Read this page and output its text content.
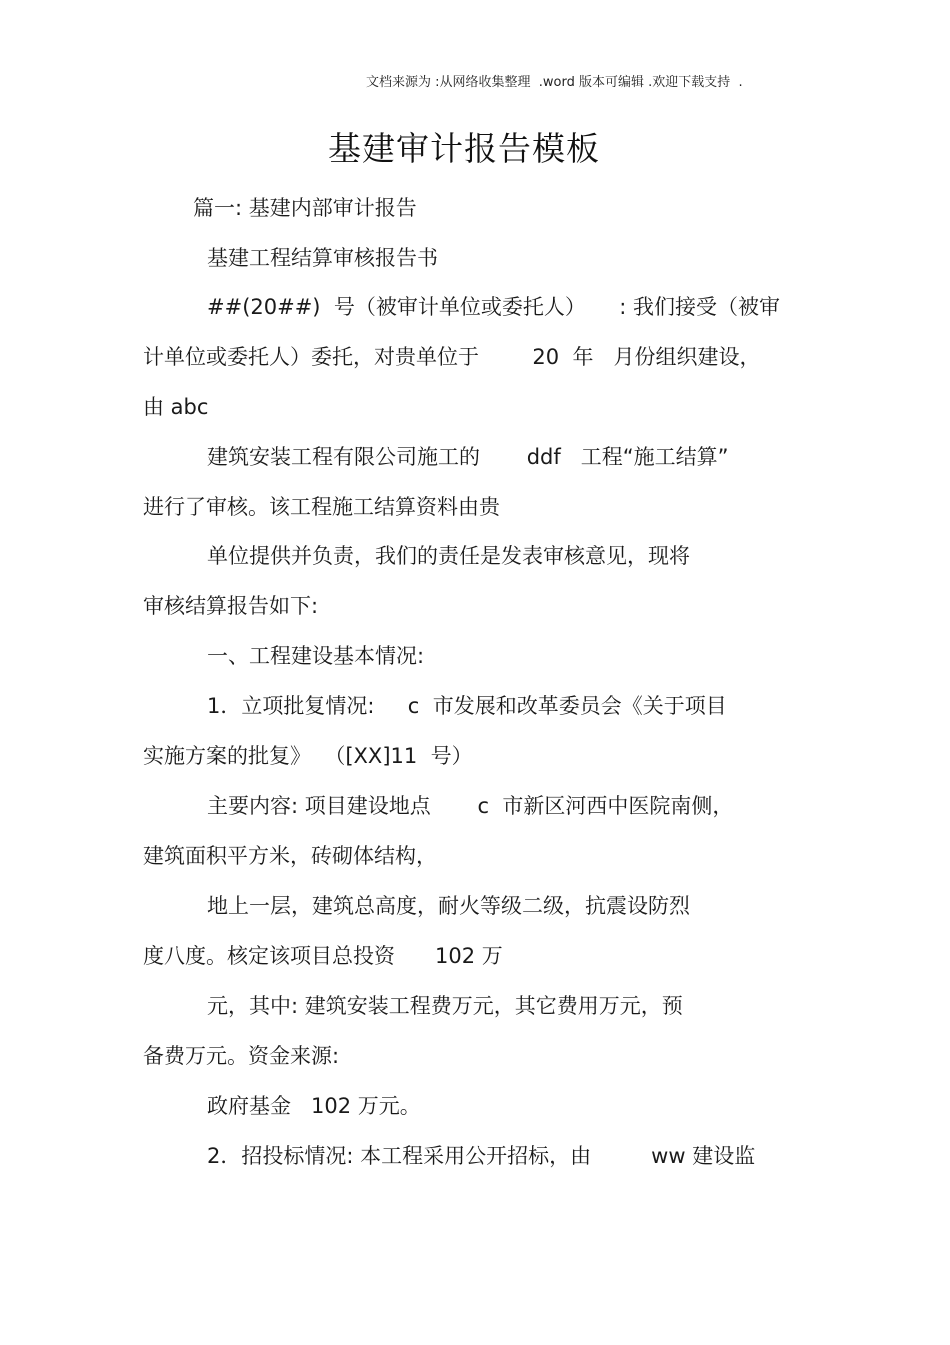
文档来源为 :从网络收集整理  .word 版本可编辑 .欢迎下载支持  .
基建审计报告模板
篇一: 基建内部审计报告
基建工程结算审核报告书
##(20##)  号（被审计单位或委托人）     : 我们接受（被审
计单位或委托人）委托，对贵单位于        20  年   月份组织建设，
由 abc
建筑安装工程有限公司施工的       ddf   工程“施工结算”
进行了审核。该工程施工结算资料由贵
单位提供并负责，我们的责任是发表审核意见，现将
审核结算报告如下:
一、工程建设基本情况:
1．立项批复情况:     c  市发展和改革委员会《关于项目
实施方案的批复》  （[XX]11  号）
主要内容: 项目建设地点       c  市新区河西中医院南侧，
建筑面积平方米，砖砌体结构，
地上一层，建筑总高度，耐火等级二级，抗震设防烈
度八度。核定该项目总投资      102 万
元，其中: 建筑安装工程费万元，其它费用万元，预
备费万元。资金来源:
政府基金   102 万元。
2．招投标情况: 本工程采用公开招标，由         ww 建设监
